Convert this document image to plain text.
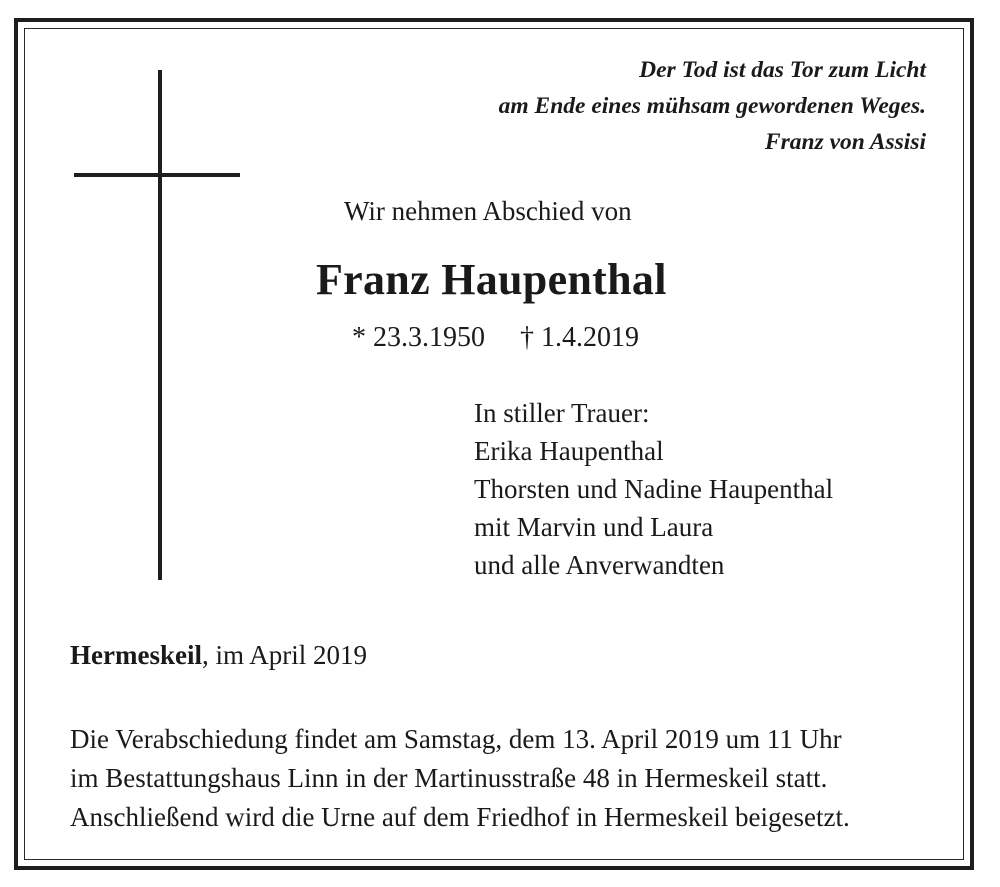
Der Tod ist das Tor zum Licht
am Ende eines mühsam gewordenen Weges.
Franz von Assisi
Wir nehmen Abschied von
Franz Haupenthal
* 23.3.1950 † 1.4.2019
In stiller Trauer:
Erika Haupenthal
Thorsten und Nadine Haupenthal
mit Marvin und Laura
und alle Anverwandten
Hermeskeil, im April 2019
Die Verabschiedung findet am Samstag, dem 13. April 2019 um 11 Uhr
im Bestattungshaus Linn in der Martinusstraße 48 in Hermeskeil statt.
Anschließend wird die Urne auf dem Friedhof in Hermeskeil beigesetzt.
